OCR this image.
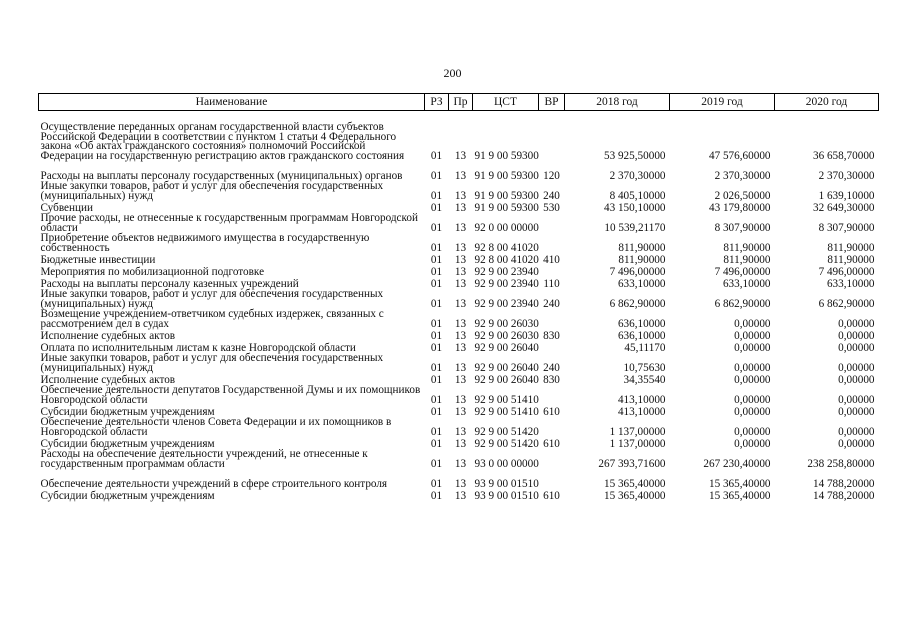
200
Наименование	РЗ	Пр	ЦСТ	ВР	2018 год	2019 год	2020 год
Осуществление переданных органам государственной власти субъектов Российской Федерации в соответствии с пунктом 1 статьи 4 Федерального закона «Об актах гражданского состояния» полномочий Российской Федерации на государственную регистрацию актов гражданского состояния	01	13	91 9 00 59300		53 925,50000	47 576,60000	36 658,70000
Расходы на выплаты персоналу государственных (муниципальных) органов	01	13	91 9 00 59300	120	2 370,30000	2 370,30000	2 370,30000
Иные закупки товаров, работ и услуг для обеспечения государственных (муниципальных) нужд	01	13	91 9 00 59300	240	8 405,10000	2 026,50000	1 639,10000
Субвенции	01	13	91 9 00 59300	530	43 150,10000	43 179,80000	32 649,30000
Прочие расходы, не отнесенные к государственным программам Новгородской области	01	13	92 0 00 00000		10 539,21170	8 307,90000	8 307,90000
Приобретение объектов недвижимого имущества в государственную собственность	01	13	92 8 00 41020		811,90000	811,90000	811,90000
Бюджетные инвестиции	01	13	92 8 00 41020	410	811,90000	811,90000	811,90000
Мероприятия по мобилизационной подготовке	01	13	92 9 00 23940		7 496,00000	7 496,00000	7 496,00000
Расходы на выплаты персоналу казенных учреждений	01	13	92 9 00 23940	110	633,10000	633,10000	633,10000
Иные закупки товаров, работ и услуг для обеспечения государственных (муниципальных) нужд	01	13	92 9 00 23940	240	6 862,90000	6 862,90000	6 862,90000
Возмещение учреждением-ответчиком судебных издержек, связанных с рассмотрением дел в судах	01	13	92 9 00 26030		636,10000	0,00000	0,00000
Исполнение судебных актов	01	13	92 9 00 26030	830	636,10000	0,00000	0,00000
Оплата по исполнительным листам к казне Новгородской области	01	13	92 9 00 26040		45,11170	0,00000	0,00000
Иные закупки товаров, работ и услуг для обеспечения государственных (муниципальных) нужд	01	13	92 9 00 26040	240	10,75630	0,00000	0,00000
Исполнение судебных актов	01	13	92 9 00 26040	830	34,35540	0,00000	0,00000
Обеспечение деятельности депутатов Государственной Думы и их помощников Новгородской области	01	13	92 9 00 51410		413,10000	0,00000	0,00000
Субсидии бюджетным учреждениям	01	13	92 9 00 51410	610	413,10000	0,00000	0,00000
Обеспечение деятельности членов Совета Федерации и их помощников в Новгородской области	01	13	92 9 00 51420		1 137,00000	0,00000	0,00000
Субсидии бюджетным учреждениям	01	13	92 9 00 51420	610	1 137,00000	0,00000	0,00000
Расходы на обеспечение деятельности учреждений, не отнесенные к государственным программам области	01	13	93 0 00 00000		267 393,71600	267 230,40000	238 258,80000
Обеспечение деятельности учреждений в сфере строительного контроля	01	13	93 9 00 01510		15 365,40000	15 365,40000	14 788,20000
Субсидии бюджетным учреждениям	01	13	93 9 00 01510	610	15 365,40000	15 365,40000	14 788,20000
